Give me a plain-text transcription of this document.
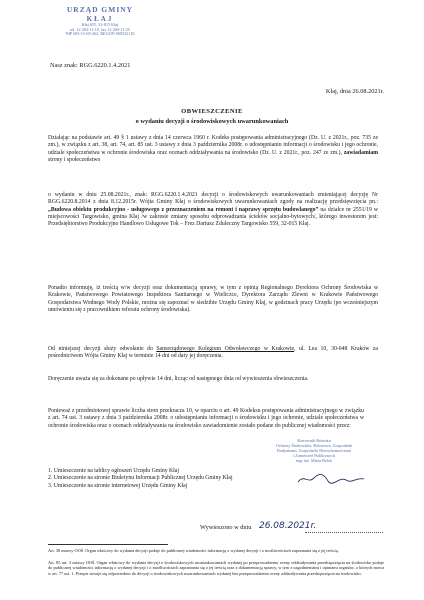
URZĄD GMINY
KŁAJ
Kłaj 655, 32-015 Kłaj
tel. 12 284-11-10, fax 12 284-11-25
NIP 683-15-69-262, REGON 000532110
Nasz znak: RGG.6220.1.4.2021
Kłaj, dnia 26.08.2021r.
OBWIESZCZENIE
o wydaniu decyzji o środowiskowych uwarunkowaniach
Działając na podstawie art. 49 § 1 ustawy z dnia 14 czerwca 1960 r. Kodeks postępowania administracyjnego (Dz. U. z 2021r., poz. 735 ze zm.), w związku z art. 38, art. 74, art. 85 ust. 3 ustawy z dnia 3 października 2008r. o udostępnianiu informacji o środowisku i jego ochronie, udziale społeczeństwa w ochronie środowiska oraz ocenach oddziaływania na środowisko (Dz. U. z 2021r., poz. 247 ze zm.), zawiadamiam strony i społeczeństwo
o wydaniu w dniu 25.08.2021r., znak: RGG.6220.1.4.2021 decyzji o środowiskowych uwarunkowaniach zmieniającej decyzję Nr RGG.6220.8.2014 z dnia 8.12.2015r. Wójta Gminy Kłaj o środowiskowych uwarunkowaniach zgody na realizację przedsięwzięcia pn.: „Budowa obiektu produkcyjno - usługowego z przeznaczeniem na remont i naprawy sprzętu budowlanego” na działce nr 2551/19 w miejscowości Targowisko, gmina Kłaj /w zakresie zmiany sposobu odprowadzania ścieków socjalno-bytowych/, którego inwestorem jest: Przedsiębiorstwo Produkcyjno Handlowo Usługowe Tok – Frez Dariusz Zduleczny Targowisko 559, 32-015 Kłaj.
Ponadto informuję, iż treścią w/w decyzji oraz dokumentacją sprawy, w tym z opinią Regionalnego Dyrektora Ochrony Środowiska w Krakowie, Państwowego Powiatowego Inspektora Sanitarnego w Wieliczce, Dyrektora Zarządu Zlewni w Krakowie Państwowego Gospodarstwa Wodnego Wody Polskie, można się zapoznać w siedzibie Urzędu Gminy Kłaj, w godzinach pracy Urzędu (po wcześniejszym umówieniu się z pracownikiem referatu ochrony środowiska).
Od niniejszej decyzji służy odwołanie do Samorządowego Kolegium Odwoławczego w Krakowie, ul. Lea 10, 30-048 Kraków za pośrednictwem Wójta Gminy Kłaj w terminie 14 dni od daty jej doręczenia.
Doręczenie uważa się za dokonane po upływie 14 dni, licząc od następnego dnia od wywieszenia obwieszczenia.
Ponieważ z przedmiotowej sprawie liczba stron przekracza 10, w oparciu o art. 49 Kodeksu postępowania administracyjnego w związku z art. 74 ust. 3 ustawy z dnia 3 października 2008r. o udostępnianiu informacji o środowisku i jego ochronie, udziale społeczeństwa w ochronie środowiska oraz o ocenach oddziaływania na środowisko zawiadomienie zostało podane do publicznej wiadomości przez:
1. Umieszczenie na tablicy ogłoszeń Urzędu Gminy Kłaj
2. Umieszczenie na stronie Biuletynu Informacji Publicznej Urzędu Gminy Kłaj
3. Umieszczenie na stronie internetowej Urzędu Gminy Kłaj
Kierownik Referatu
Ochrony Środowiska, Rolnictwa, Gospodarki
Budynkami, Gospodarki Nieruchomościami
i Zamówień Publicznych
mgr inż. Marta Bolek
Wywieszono w dniu 26.08.2021r.
Art. 38 ustawy OOŚ. Organ właściwy do wydania decyzji podaje do publicznej wiadomości informację o wydanej decyzji i o możliwościach zapoznania się z jej treścią.
Art. 85 ust. 3 ustawy OOŚ. Organ właściwy do wydania decyzji o środowiskowych uwarunkowaniach wydanej po przeprowadzeniu oceny oddziaływania przedsięwzięcia na środowisko podaje do publicznej wiadomości informację o wydanej decyzji i o możliwościach zapoznania się z jej treścią oraz z dokumentacją sprawy, w tym z uzgodnieniami i opiniami organów, o których mowa w art. 77 ust. 1. Przepis stosuje się odpowiednio do decyzji o środowiskowych uwarunkowaniach wydanej bez przeprowadzenia oceny oddziaływania przedsięwzięcia na środowisko.
